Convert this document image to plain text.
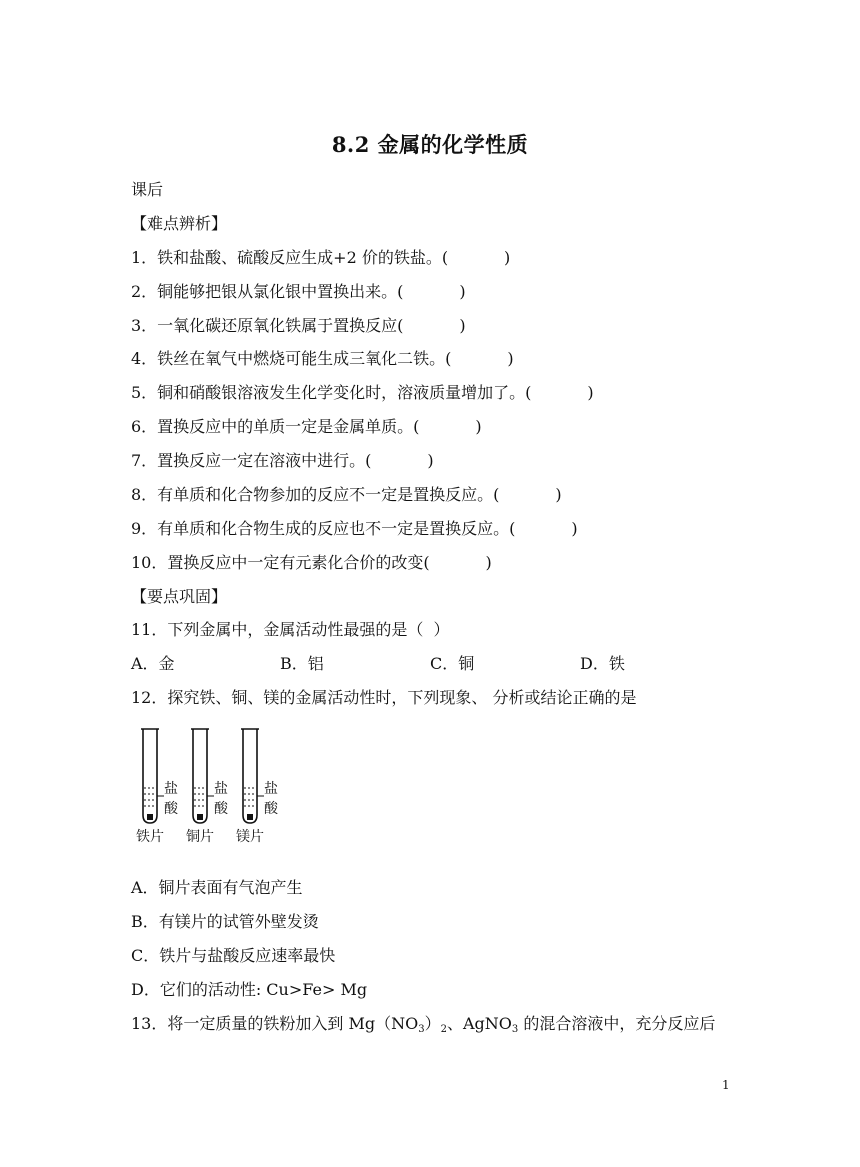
8.2 金属的化学性质
课后
【难点辨析】
1．铁和盐酸、硫酸反应生成+2 价的铁盐。(           )
2．铜能够把银从氯化银中置换出来。(           )
3．一氧化碳还原氧化铁属于置换反应(           )
4．铁丝在氧气中燃烧可能生成三氧化二铁。(           )
5．铜和硝酸银溶液发生化学变化时，溶液质量增加了。(           )
6．置换反应中的单质一定是金属单质。(           )
7．置换反应一定在溶液中进行。(           )
8．有单质和化合物参加的反应不一定是置换反应。(           )
9．有单质和化合物生成的反应也不一定是置换反应。(           )
10．置换反应中一定有元素化合价的改变(           )
【要点巩固】
11．下列金属中，金属活动性最强的是（  ）
A．金	B．铝	C．铜	D．铁
12．探究铁、铜、镁的金属活动性时，下列现象、 分析或结论正确的是
盐
酸
盐
酸
盐
酸
铁片 铜片 镁片
A．铜片表面有气泡产生
B．有镁片的试管外壁发烫
C．铁片与盐酸反应速率最快
D．它们的活动性: Cu>Fe> Mg
13．将一定质量的铁粉加入到 $Mg(NO_3)_2$、AgNO$_3$ 的混合溶液中，充分反应后
1
